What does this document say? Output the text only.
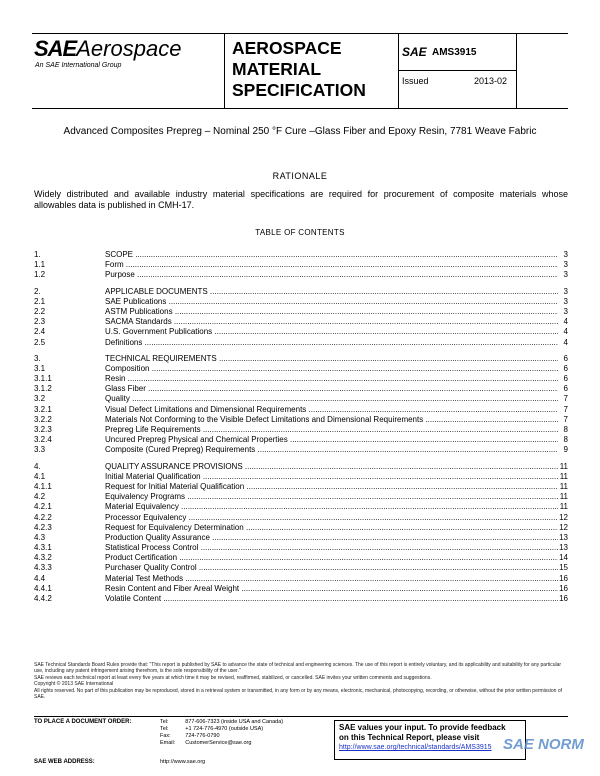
SAEAerospace
An SAE International Group
AEROSPACE
MATERIAL
SPECIFICATION
SAE AMS3915
Issued	2013-02
Advanced Composites Prepreg – Nominal 250 °F Cure –Glass Fiber and Epoxy Resin, 7781 Weave Fabric
RATIONALE
Widely distributed and available industry material specifications are required for procurement of composite materials whose allowables data is published in CMH-17.
TABLE OF CONTENTS
1.	SCOPE .....	3
1.1	Form .....	3
1.2	Purpose .....	3
2.	APPLICABLE DOCUMENTS .....	3
2.1	SAE Publications .....	3
2.2	ASTM Publications .....	3
2.3	SACMA Standards .....	4
2.4	U.S. Government Publications .....	4
2.5	Definitions .....	4
3.	TECHNICAL REQUIREMENTS .....	6
3.1	Composition .....	6
3.1.1	Resin .....	6
3.1.2	Glass Fiber .....	6
3.2	Quality .....	7
3.2.1	Visual Defect Limitations and Dimensional Requirements .....	7
3.2.2	Materials Not Conforming to the Visible Defect Limitations and Dimensional Requirements .....	7
3.2.3	Prepreg Life Requirements .....	8
3.2.4	Uncured Prepreg Physical and Chemical Properties .....	8
3.3	Composite (Cured Prepreg) Requirements .....	9
4.	QUALITY ASSURANCE PROVISIONS .....	11
4.1	Initial Material Qualification .....	11
4.1.1	Request for Initial Material Qualification .....	11
4.2	Equivalency Programs .....	11
4.2.1	Material Equivalency .....	11
4.2.2	Processor Equivalency .....	12
4.2.3	Request for Equivalency Determination .....	12
4.3	Production Quality Assurance .....	13
4.3.1	Statistical Process Control .....	13
4.3.2	Product Certification .....	14
4.3.3	Purchaser Quality Control .....	15
4.4	Material Test Methods .....	16
4.4.1	Resin Content and Fiber Areal Weight .....	16
4.4.2	Volatile Content .....	16

SAE Technical Standards Board Rules provide that: "This report is published by SAE to advance the state of technical and engineering sciences. The use of this report is entirely voluntary, and its applicability and suitability for any particular use, including any patent infringement arising therefrom, is the sole responsibility of the user."

SAE reviews each technical report at least every five years at which time it may be revised, reaffirmed, stabilized, or cancelled. SAE invites your written comments and suggestions.

Copyright © 2013 SAE International

All rights reserved. No part of this publication may be reproduced, stored in a retrieval system or transmitted, in any form or by any means, electronic, mechanical, photocopying, recording, or otherwise, without the prior written permission of SAE.

TO PLACE A DOCUMENT ORDER:	Tel:	877-606-7323 (inside USA and Canada)
Tel:	+1 724-776-4970 (outside USA)
Fax:	724-776-0790
Email:	CustomerService@sae.org
SAE WEB ADDRESS:	http://www.sae.org
SAE values your input. To provide feedback
on this Technical Report, please visit
http://www.sae.org/technical/standards/AMS3915 SAE NORM
